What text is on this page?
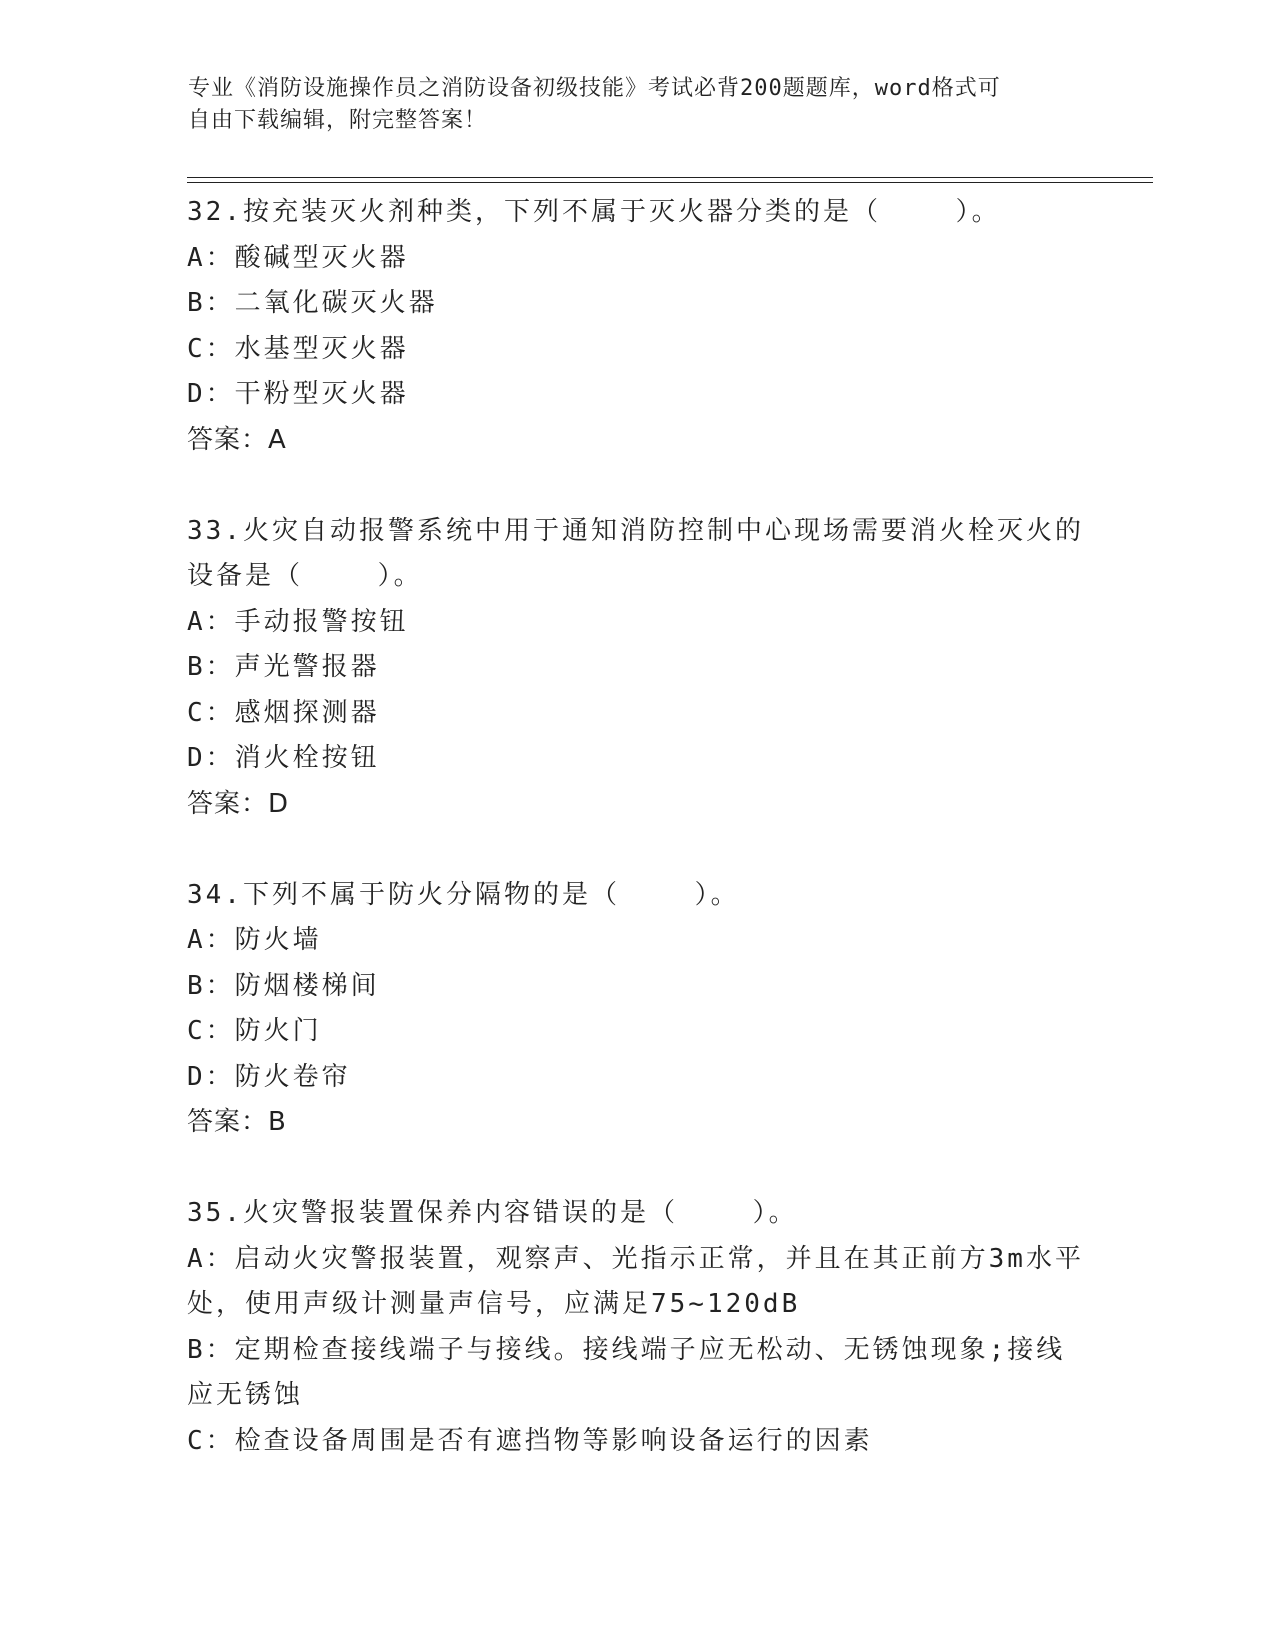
专业《消防设施操作员之消防设备初级技能》考试必背200题题库，word格式可
自由下载编辑，附完整答案！
32.按充装灭火剂种类，下列不属于灭火器分类的是（    ）。
A：酸碱型灭火器
B：二氧化碳灭火器
C：水基型灭火器
D：干粉型灭火器
答案：A
33.火灾自动报警系统中用于通知消防控制中心现场需要消火栓灭火的设备是（    ）。
A：手动报警按钮
B：声光警报器
C：感烟探测器
D：消火栓按钮
答案：D
34.下列不属于防火分隔物的是（    ）。
A：防火墙
B：防烟楼梯间
C：防火门
D：防火卷帘
答案：B
35.火灾警报装置保养内容错误的是（    ）。
A：启动火灾警报装置，观察声、光指示正常，并且在其正前方3m水平处，使用声级计测量声信号，应满足75~120dB
B：定期检查接线端子与接线。接线端子应无松动、无锈蚀现象;接线应无锈蚀
C：检查设备周围是否有遮挡物等影响设备运行的因素
